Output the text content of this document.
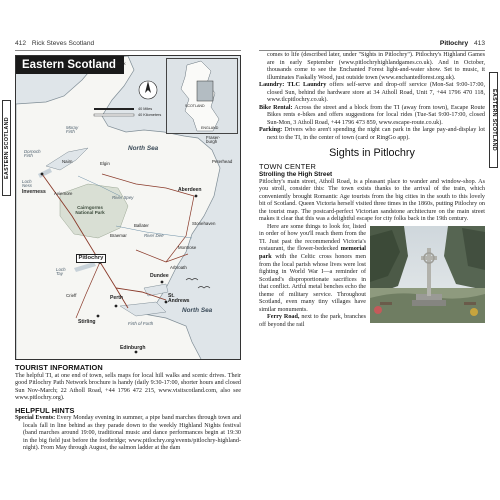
412 Rick Steves Scotland	Pitlochry 413
EASTERN SCOTLAND	EASTERN SCOTLAND
Eastern Scotland
SCOTLAND
ENGLAND
40 Miles
40 Kilometers
North Sea
North Sea
Moray
Firth
Dornoch
Firth
Loch
Ness
River Spey
River Dee
Loch
Tay
Firth of Forth
Cairngorms National Park
Inverness
Pitlochry
Aberdeen
Stirling
Perth
Dundee
St.
Andrews
Edinburgh
Wick
Nairn	Elgin
Fraser-
burgh
Peterhead
Stonehaven
Montrose
Arbroath
Braemar
Ballater
Aviemore
Crieff
TOURIST INFORMATION

The helpful TI, at one end of town, sells maps for local hill walks and scenic drives. Their good Pitlochry Path Network brochure is handy (daily 9:30-17:00, shorter hours and closed Sun Nov-March; 22 Atholl Road, +44 1796 472 215, www.visitscotland.com, also see www.pitlochry.org).

HELPFUL HINTS

Special Events: Every Monday evening in summer, a pipe band marches through town and locals fall in line behind as they parade down to the weekly Highland Nights festival (band marches around 19:00, traditional music and dance performances begin at 19:30 in the big field just before the footbridge; www.pitlochry.org/events/pitlochry-highland-night). From May through August, the salmon ladder at the dam

comes to life (described later, under "Sights in Pitlochry"). Pitlochry's Highland Games are in early September (www.pitlochryhighlandgames.co.uk). And in October, thousands come to see the Enchanted Forest light-and-water show. Set to music, it illuminates Faskally Wood, just outside town (www.enchantedforest.org.uk).

Laundry: TLC Laundry offers self-serve and drop-off service (Mon-Sat 9:00-17:00, closed Sun, behind the hardware store at 34 Atholl Road, Unit 7, +44 1796 470 118, www.tlcpitlochry.co.uk).

Bike Rental: Across the street and a block from the TI (away from town), Escape Route Bikes rents e-bikes and offers suggestions for local rides (Tue-Sat 9:00-17:00, closed Sun-Mon, 3 Atholl Road, +44 1796 473 859, www.escape-route.co.uk).

Parking: Drivers who aren't spending the night can park in the large pay-and-display lot next to the TI, in the center of town (card or RingGo app).

Sights in Pitlochry
TOWN CENTER
Strolling the High Street

Pitlochry's main street, Atholl Road, is a pleasant place to wander and window-shop. As you stroll, consider this: The town exists thanks to the arrival of the train, which conveniently brought Romantic Age tourists from the big cities in the south to this lovely bit of Scotland. Queen Victoria herself visited three times in the 1860s, putting Pitlochry on the tourist map. The postcard-perfect Victorian sandstone architecture on the main street makes it clear that this was a delightful escape for city folks back in the 19th century.

Here are some things to look for, listed in order of how you'll reach them from the TI. Just past the recommended Victoria's restaurant, the flower-bedecked memorial park with the Celtic cross honors men from the local parish whose lives were lost fighting in World War I—a reminder of Scotland's disproportionate sacrifices in that conflict. Artful metal benches echo the theme of military service. Throughout Scotland, even many tiny villages have similar monuments.

Ferry Road, next to the park, branches off beyond the rail
